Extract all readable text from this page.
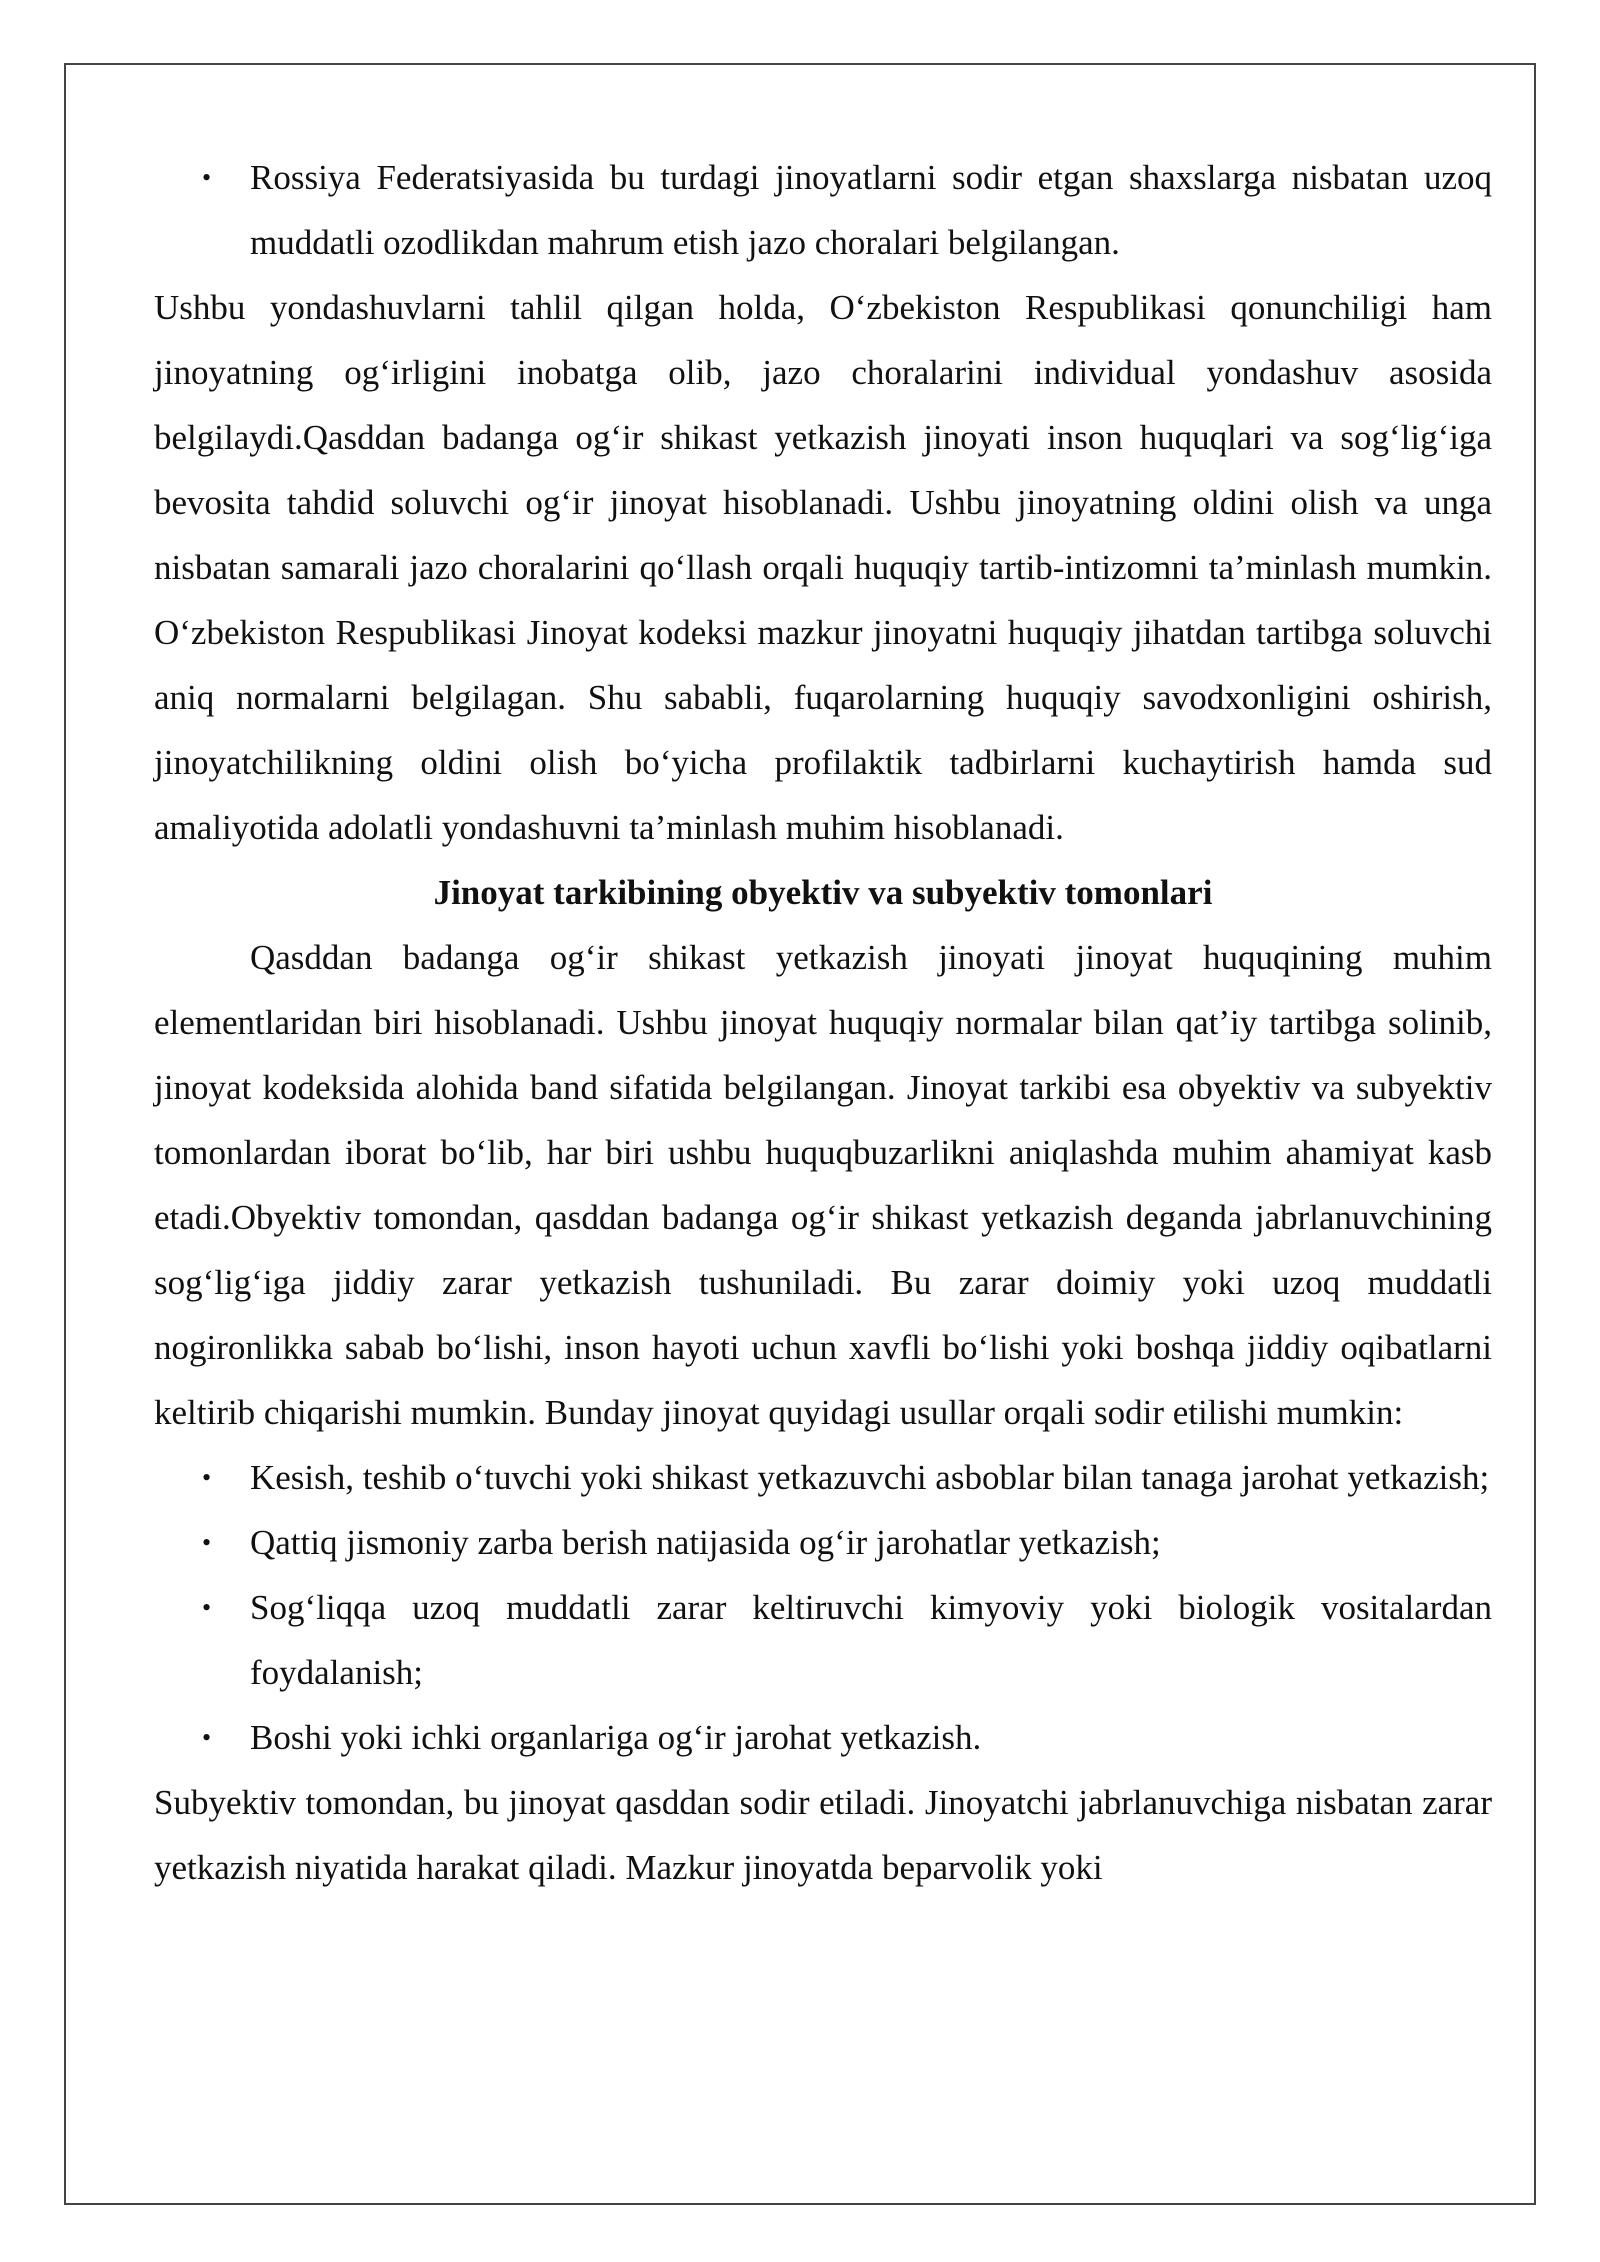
• Rossiya Federatsiyasida bu turdagi jinoyatlarni sodir etgan shaxslarga nisbatan uzoq muddatli ozodlikdan mahrum etish jazo choralari belgilangan.

Ushbu yondashuvlarni tahlil qilgan holda, O‘zbekiston Respublikasi qonunchiligi ham jinoyatning og‘irligini inobatga olib, jazo choralarini individual yondashuv asosida belgilaydi.Qasddan badanga og‘ir shikast yetkazish jinoyati inson huquqlari va sog‘lig‘iga bevosita tahdid soluvchi og‘ir jinoyat hisoblanadi. Ushbu jinoyatning oldini olish va unga nisbatan samarali jazo choralarini qo‘llash orqali huquqiy tartib-intizomni ta’minlash mumkin. O‘zbekiston Respublikasi Jinoyat kodeksi mazkur jinoyatni huquqiy jihatdan tartibga soluvchi aniq normalarni belgilagan. Shu sababli, fuqarolarning huquqiy savodxonligini oshirish, jinoyatchilikning oldini olish bo‘yicha profilaktik tadbirlarni kuchaytirish hamda sud amaliyotida adolatli yondashuvni ta’minlash muhim hisoblanadi.

Jinoyat tarkibining obyektiv va subyektiv tomonlari

Qasddan badanga og‘ir shikast yetkazish jinoyati jinoyat huquqining muhim elementlaridan biri hisoblanadi. Ushbu jinoyat huquqiy normalar bilan qat’iy tartibga solinib, jinoyat kodeksida alohida band sifatida belgilangan. Jinoyat tarkibi esa obyektiv va subyektiv tomonlardan iborat bo‘lib, har biri ushbu huquqbuzarlikni aniqlashda muhim ahamiyat kasb etadi.Obyektiv tomondan, qasddan badanga og‘ir shikast yetkazish deganda jabrlanuvchining sog‘lig‘iga jiddiy zarar yetkazish tushuniladi. Bu zarar doimiy yoki uzoq muddatli nogironlikka sabab bo‘lishi, inson hayoti uchun xavfli bo‘lishi yoki boshqa jiddiy oqibatlarni keltirib chiqarishi mumkin. Bunday jinoyat quyidagi usullar orqali sodir etilishi mumkin:

• Kesish, teshib o‘tuvchi yoki shikast yetkazuvchi asboblar bilan tanaga jarohat yetkazish;
• Qattiq jismoniy zarba berish natijasida og‘ir jarohatlar yetkazish;
• Sog‘liqqa uzoq muddatli zarar keltiruvchi kimyoviy yoki biologik vositalardan foydalanish;
• Boshi yoki ichki organlariga og‘ir jarohat yetkazish.

Subyektiv tomondan, bu jinoyat qasddan sodir etiladi. Jinoyatchi jabrlanuvchiga nisbatan zarar yetkazish niyatida harakat qiladi. Mazkur jinoyatda beparvolik yoki
